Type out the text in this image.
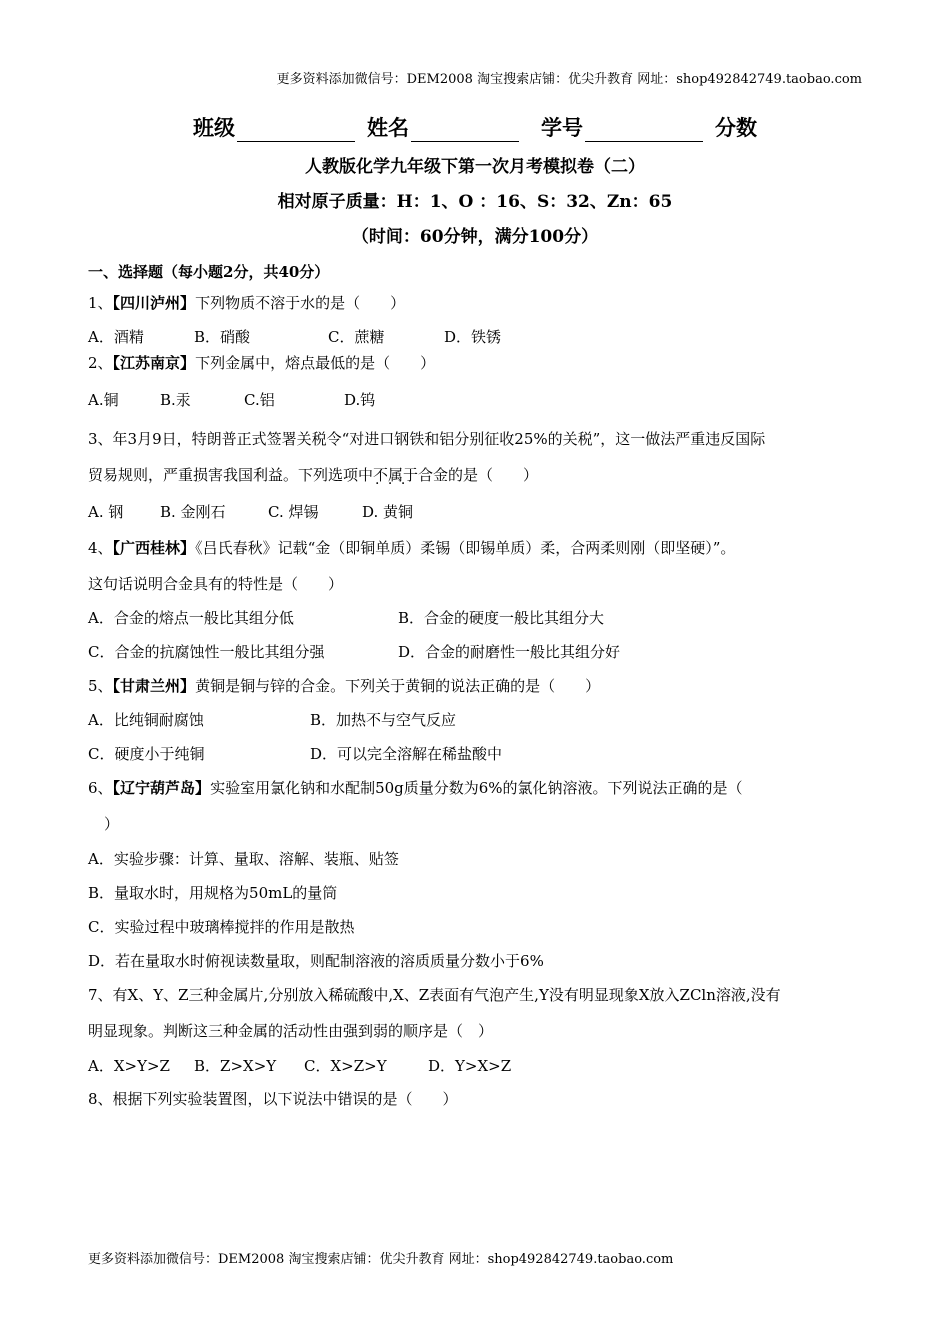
更多资料添加微信号：DEM2008 淘宝搜索店铺：优尖升教育 网址：shop492842749.taobao.com
班级	姓名	学号	分数
人教版化学九年级下第一次月考模拟卷（二）
相对原子质量：H：1、O ：16、S：32、Zn：65
（时间：60分钟，满分100分）
一、选择题（每小题2分，共40分）
1、【四川泸州】下列物质不溶于水的是（　　）
A．酒精	B．硝酸	C．蔗糖	D．铁锈
2、【江苏南京】下列金属中，熔点最低的是（　　）
A.铜	B.汞	C.铝	D.钨
3、年3月9日，特朗普正式签署关税令“对进口钢铁和铝分别征收25%的关税”，这一做法严重违反国际
贸易规则，严重损害我国利益。下列选项中不属于 · · ·合金的是（　　）
A. 钢 B. 金刚石	C. 焊锡	D. 黄铜
4、【广西桂林】《吕氏春秋》记载“金（即铜单质）柔锡（即锡单质）柔，合两柔则刚（即坚硬）”。
这句话说明合金具有的特性是（　　）
A．合金的熔点一般比其组分低	B．合金的硬度一般比其组分大
C．合金的抗腐蚀性一般比其组分强	D．合金的耐磨性一般比其组分好
5、【甘肃兰州】黄铜是铜与锌的合金。下列关于黄铜的说法正确的是（　　）
A．比纯铜耐腐蚀	B．加热不与空气反应
C．硬度小于纯铜	D．可以完全溶解在稀盐酸中
6、【辽宁葫芦岛】实验室用氯化钠和水配制50g质量分数为6%的氯化钠溶液。下列说法正确的是（
）
A．实验步骤：计算、量取、溶解、装瓶、贴签
B．量取水时，用规格为50mL的量筒
C．实验过程中玻璃棒搅拌的作用是散热
D．若在量取水时俯视读数量取，则配制溶液的溶质质量分数小于6%
7、有X、Y、Z三种金属片,分别放入稀硫酸中,X、Z表面有气泡产生,Y没有明显现象X放入ZCln溶液,没有
明显现象。判断这三种金属的活动性由强到弱的顺序是（　）
A．X>Y>Z B．Z>X>Y C．X>Z>Y	D．Y>X>Z
8、根据下列实验装置图，以下说法中错误的是（　　）
更多资料添加微信号：DEM2008 淘宝搜索店铺：优尖升教育 网址：shop492842749.taobao.com
